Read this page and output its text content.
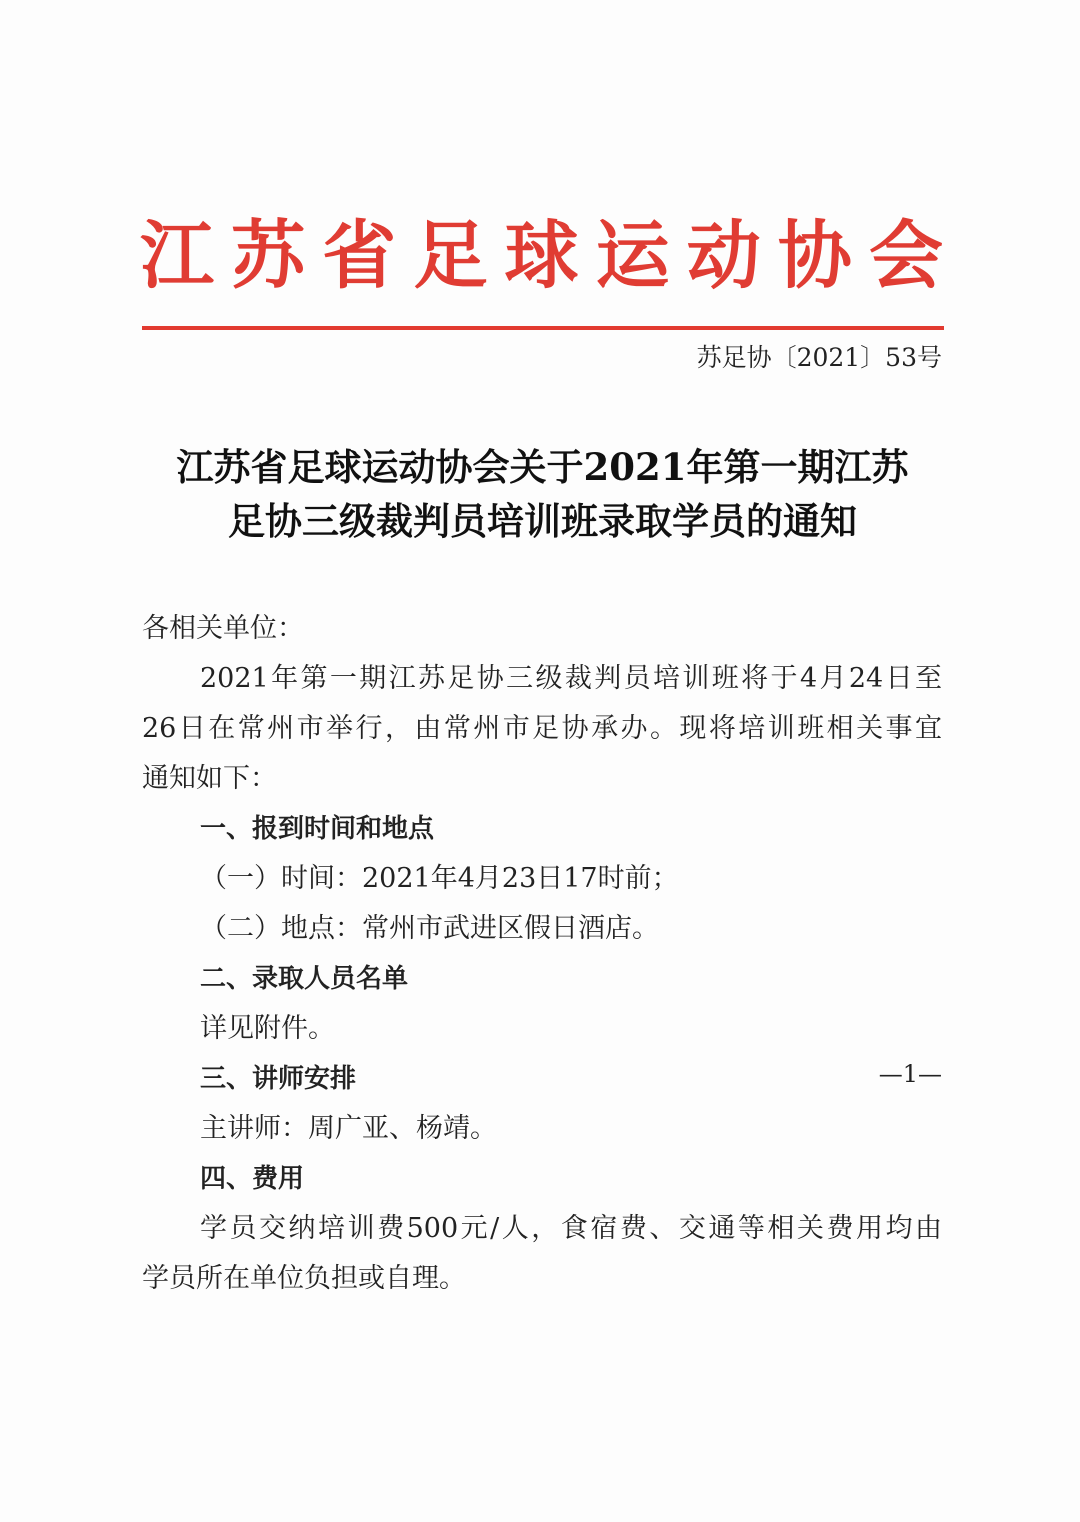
江苏省足球运动协会
苏足协〔2021〕53号
江苏省足球运动协会关于2021年第一期江苏
足协三级裁判员培训班录取学员的通知
各相关单位：
2021年第一期江苏足协三级裁判员培训班将于4月24日至
26日在常州市举行，由常州市足协承办。现将培训班相关事宜
通知如下：
一、报到时间和地点
（一）时间：2021年4月23日17时前；
（二）地点：常州市武进区假日酒店。
二、录取人员名单
详见附件。
三、讲师安排
主讲师：周广亚、杨靖。
四、费用
学员交纳培训费500元/人，食宿费、交通等相关费用均由
学员所在单位负担或自理。
—1—
